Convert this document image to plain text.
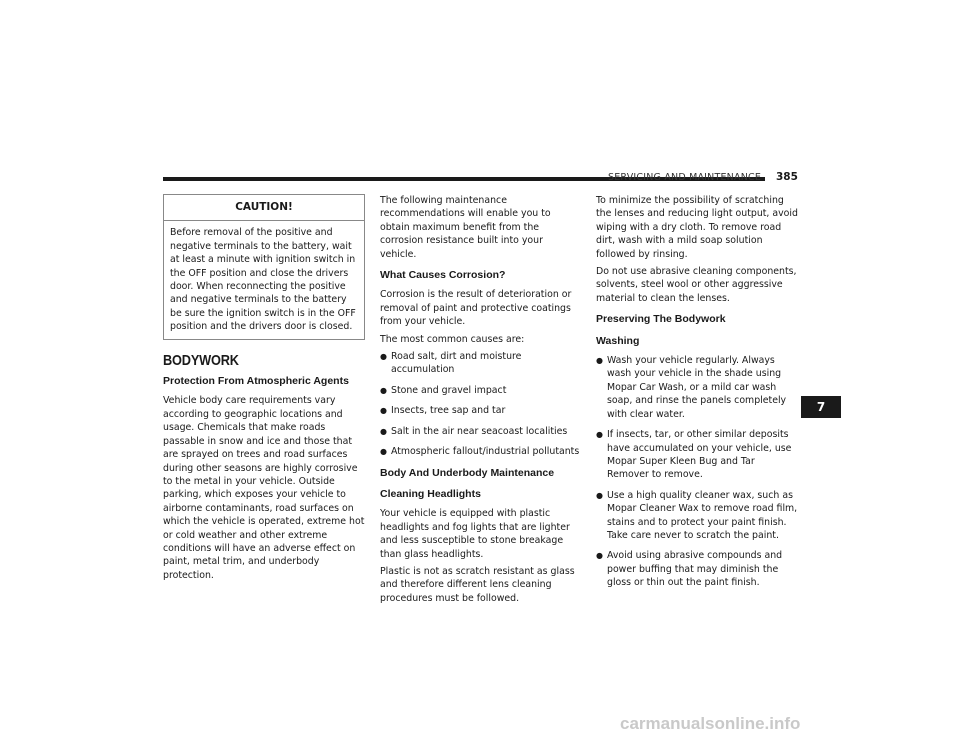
SERVICING AND MAINTENANCE 385
CAUTION!
Before removal of the positive and negative terminals to the battery, wait at least a minute with ignition switch in the OFF position and close the drivers door. When reconnecting the positive and negative terminals to the battery be sure the ignition switch is in the OFF position and the drivers door is closed.
BODYWORK
Protection From Atmospheric Agents

Vehicle body care requirements vary according to geographic locations and usage. Chemicals that make roads passable in snow and ice and those that are sprayed on trees and road surfaces during other seasons are highly corrosive to the metal in your vehicle. Outside parking, which exposes your vehicle to airborne contaminants, road surfaces on which the vehicle is operated, extreme hot or cold weather and other extreme conditions will have an adverse effect on paint, metal trim, and underbody protection.

The following maintenance recommendations will enable you to obtain maximum benefit from the corrosion resistance built into your vehicle.

What Causes Corrosion?

Corrosion is the result of deterioration or removal of paint and protective coatings from your vehicle.

The most common causes are:

● Road salt, dirt and moisture accumulation
● Stone and gravel impact
● Insects, tree sap and tar
● Salt in the air near seacoast localities
● Atmospheric fallout/industrial pollutants
Body And Underbody Maintenance
Cleaning Headlights

Your vehicle is equipped with plastic headlights and fog lights that are lighter and less susceptible to stone breakage than glass headlights.

Plastic is not as scratch resistant as glass and therefore different lens cleaning procedures must be followed.

To minimize the possibility of scratching the lenses and reducing light output, avoid wiping with a dry cloth. To remove road dirt, wash with a mild soap solution followed by rinsing.

Do not use abrasive cleaning components, solvents, steel wool or other aggressive material to clean the lenses.

Preserving The Bodywork
Washing
● Wash your vehicle regularly. Always wash your vehicle in the shade using Mopar Car Wash, or a mild car wash soap, and rinse the panels completely with clear water.
● If insects, tar, or other similar deposits have accumulated on your vehicle, use Mopar Super Kleen Bug and Tar Remover to remove.
● Use a high quality cleaner wax, such as Mopar Cleaner Wax to remove road film, stains and to protect your paint finish. Take care never to scratch the paint.
● Avoid using abrasive compounds and power buffing that may diminish the gloss or thin out the paint finish.
7
carmanualsonline.info
